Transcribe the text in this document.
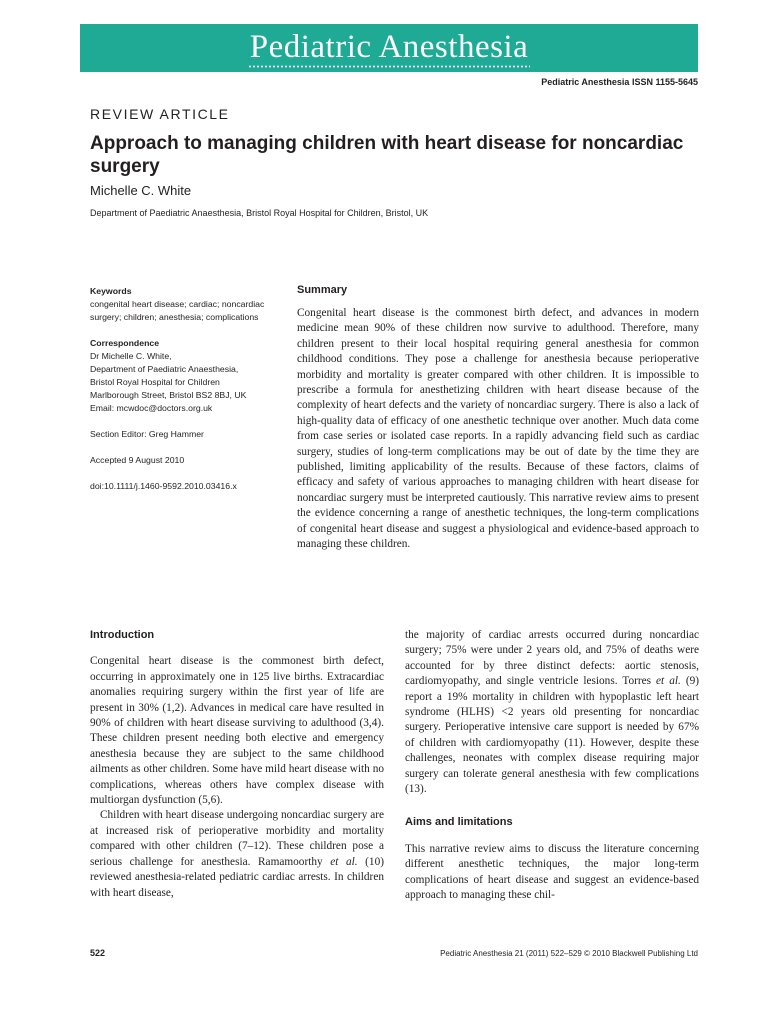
Pediatric Anesthesia
Pediatric Anesthesia ISSN 1155-5645
REVIEW ARTICLE
Approach to managing children with heart disease for noncardiac surgery
Michelle C. White
Department of Paediatric Anaesthesia, Bristol Royal Hospital for Children, Bristol, UK
Keywords
congenital heart disease; cardiac; noncardiac
surgery; children; anesthesia; complications
Correspondence
Dr Michelle C. White,
Department of Paediatric Anaesthesia,
Bristol Royal Hospital for Children
Marlborough Street, Bristol BS2 8BJ, UK
Email: mcwdoc@doctors.org.uk
Section Editor: Greg Hammer
Accepted 9 August 2010
doi:10.1111/j.1460-9592.2010.03416.x
Summary

Congenital heart disease is the commonest birth defect, and advances in modern medicine mean 90% of these children now survive to adulthood. Therefore, many children present to their local hospital requiring general anesthesia for common childhood conditions. They pose a challenge for anesthesia because perioperative morbidity and mortality is greater compared with other children. It is impossible to prescribe a formula for anesthetizing children with heart disease because of the complexity of heart defects and the variety of noncardiac surgery. There is also a lack of high-quality data of efficacy of one anesthetic technique over another. Much data come from case series or isolated case reports. In a rapidly advancing field such as cardiac surgery, studies of long-term complications may be out of date by the time they are published, limiting applicability of the results. Because of these factors, claims of efficacy and safety of various approaches to managing children with heart disease for noncardiac surgery must be interpreted cautiously. This narrative review aims to present the evidence concerning a range of anesthetic techniques, the long-term complications of congenital heart disease and suggest a physiological and evidence-based approach to managing these children.

Introduction

Congenital heart disease is the commonest birth defect, occurring in approximately one in 125 live births. Extracardiac anomalies requiring surgery within the first year of life are present in 30% (1,2). Advances in medical care have resulted in 90% of children with heart disease surviving to adulthood (3,4). These children present needing both elective and emergency anesthesia because they are subject to the same childhood ailments as other children. Some have mild heart disease with no complications, whereas others have complex disease with multiorgan dysfunction (5,6).

Children with heart disease undergoing noncardiac surgery are at increased risk of perioperative morbidity and mortality compared with other children (7–12). These children pose a serious challenge for anesthesia. Ramamoorthy et al. (10) reviewed anesthesia-related pediatric cardiac arrests. In children with heart disease,

the majority of cardiac arrests occurred during noncardiac surgery; 75% were under 2 years old, and 75% of deaths were accounted for by three distinct defects: aortic stenosis, cardiomyopathy, and single ventricle lesions. Torres et al. (9) report a 19% mortality in children with hypoplastic left heart syndrome (HLHS) <2 years old presenting for noncardiac surgery. Perioperative intensive care support is needed by 67% of children with cardiomyopathy (11). However, despite these challenges, neonates with complex disease requiring major surgery can tolerate general anesthesia with few complications (13).

Aims and limitations

This narrative review aims to discuss the literature concerning different anesthetic techniques, the major long-term complications of heart disease and suggest an evidence-based approach to managing these chil-

522	Pediatric Anesthesia 21 (2011) 522–529 © 2010 Blackwell Publishing Ltd
